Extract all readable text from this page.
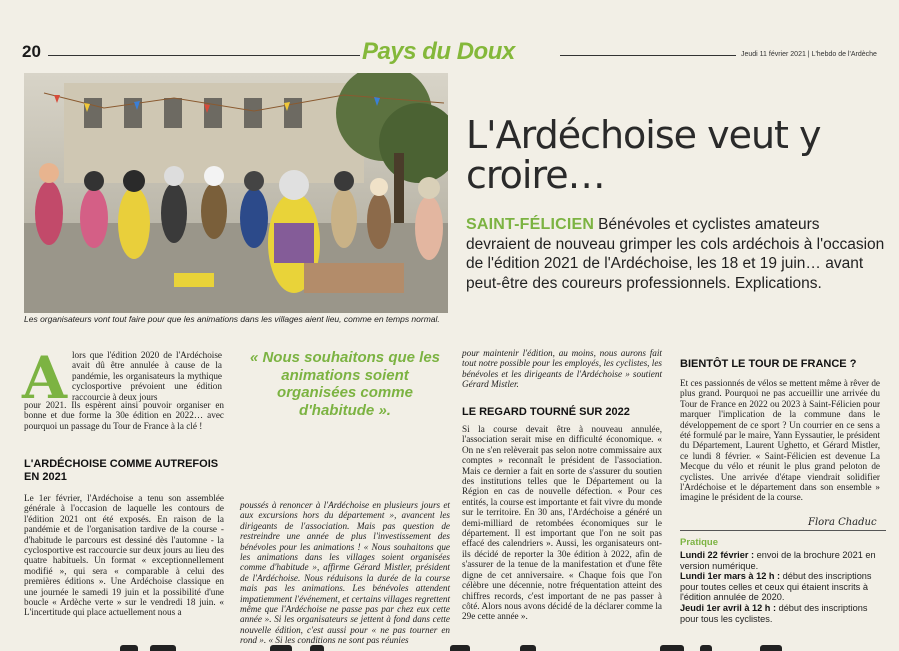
20	Pays du Doux	Jeudi 11 février 2021 | L'hebdo de l'Ardèche
Les organisateurs vont tout faire pour que les animations dans les villages aient lieu, comme en temps normal.
L'Ardéchoise veut y croire…
SAINT-FÉLICIEN Bénévoles et cyclistes amateurs devraient de nouveau grimper les cols ardéchois à l'occasion de l'édition 2021 de l'Ardéchoise, les 18 et 19 juin… avant peut-être des coureurs professionnels. Explications.
A lors que l'édition 2020 de l'Ardéchoise avait dû être annulée à cause de la pandémie, les organisateurs la mythique cyclosportive prévoient une édition raccourcie à deux jours
pour 2021. Ils espèrent ainsi pouvoir organiser en bonne et due forme la 30e édition en 2022… avec pourquoi un passage du Tour de France à la clé !
L'ARDÉCHOISE COMME AUTREFOIS EN 2021
Le 1er février, l'Ardéchoise a tenu son assemblée générale à l'occasion de laquelle les contours de l'édition 2021 ont été exposés. En raison de la pandémie et de l'organisation tardive de la course - d'habitude le parcours est dessiné dès l'automne - la cyclosportive est raccourcie sur deux jours au lieu des quatre habituels. Un format « exceptionnellement modifié », qui sera « comparable à celui des premières éditions ». Une Ardéchoise classique en une journée le samedi 19 juin et la possibilité d'une boucle « Ardèche verte » sur le vendredi 18 juin. « L'incertitude qui place actuellement nous a
« Nous souhaitons que les animations soient organisées comme d'habitude ».
poussés à renoncer à l'Ardéchoise en plusieurs jours et aux excursions hors du département », avancent les dirigeants de l'association. Mais pas question de restreindre une année de plus l'investissement des bénévoles pour les animations ! « Nous souhaitons que les animations dans les villages soient organisées comme d'habitude », affirme Gérard Mistler, président de l'Ardéchoise. Nous réduisons la durée de la course mais pas les animations. Les bénévoles attendent impatiemment l'événement, et certains villages regrettent même que l'Ardéchoise ne passe pas par chez eux cette année ». Si les organisateurs se jettent à fond dans cette nouvelle édition, c'est aussi pour « ne pas tourner en rond ». « Si les conditions ne sont pas réunies
pour maintenir l'édition, au moins, nous aurons fait tout notre possible pour les employés, les cyclistes, les bénévoles et les dirigeants de l'Ardéchoise » soutient Gérard Mistler.
LE REGARD TOURNÉ SUR 2022
Si la course devait être à nouveau annulée, l'association serait mise en difficulté économique. « On ne s'en relèverait pas selon notre commissaire aux comptes » reconnaît le président de l'association. Mais ce dernier a fait en sorte de s'assurer du soutien des institutions telles que le Département ou la Région en cas de nouvelle défection. « Pour ces entités, la course est importante et fait vivre du monde sur le territoire. En 30 ans, l'Ardéchoise a généré un demi-milliard de retombées économiques sur le département. Il est important que l'on ne soit pas effacé des calendriers ». Aussi, les organisateurs ont-ils décidé de reporter la 30e édition à 2022, afin de s'assurer de la tenue de la manifestation et d'une fête digne de cet anniversaire. « Chaque fois que l'on célèbre une décennie, notre fréquentation atteint des chiffres records, c'est important de ne pas passer à côté. Alors nous avons décidé de la déclarer comme la 29e cette année ».
BIENTÔT LE TOUR DE FRANCE ?
Et ces passionnés de vélos se mettent même à rêver de plus grand. Pourquoi ne pas accueillir une arrivée du Tour de France en 2022 ou 2023 à Saint-Félicien pour marquer l'implication de la commune dans le développement de ce sport ? Un courrier en ce sens a été formulé par le maire, Yann Eyssautier, le président du Département, Laurent Ughetto, et Gérard Mistler, ce lundi 8 février. « Saint-Félicien est devenue La Mecque du vélo et réunit le plus grand peloton de cyclistes. Une arrivée d'étape viendrait solidifier l'Ardéchoise et le département dans son ensemble » imagine le président de la course.
Flora Chaduc
Pratique
Lundi 22 février : envoi de la brochure 2021 en version numérique.
Lundi 1er mars à 12 h : début des inscriptions pour toutes celles et ceux qui étaient inscrits à l'édition annulée de 2020.
Jeudi 1er avril à 12 h : début des inscriptions pour tous les cyclistes.
